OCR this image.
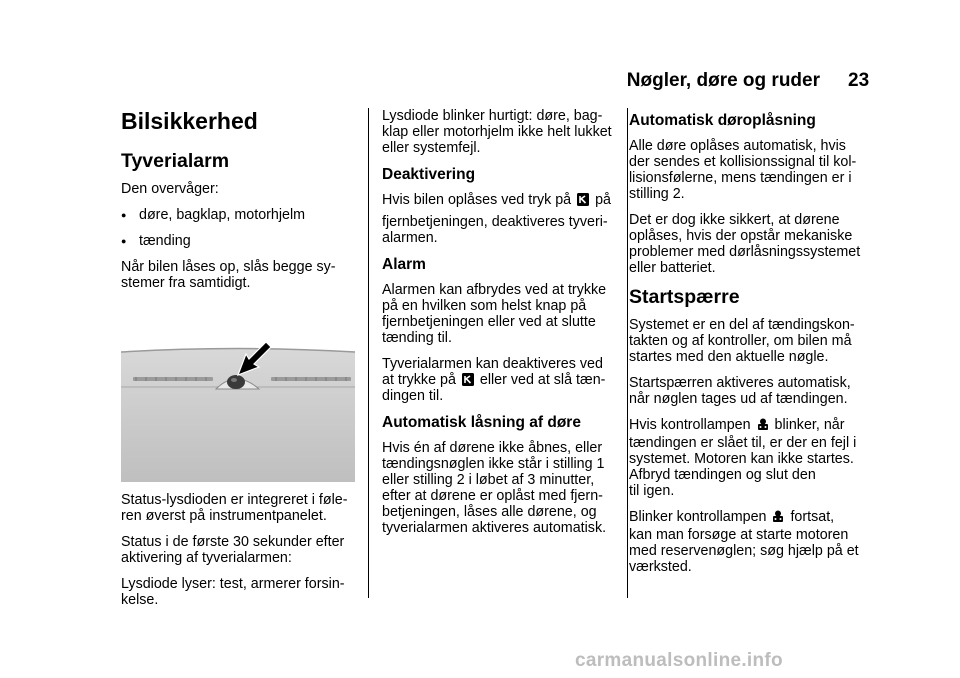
Nøgler, døre og ruder 23
Bilsikkerhed
Tyverialarm

Den overvåger:

● døre, bagklap, motorhjelm
● tænding

Når bilen låses op, slås begge sy-
stemer fra samtidigt.

Status-lysdioden er integreret i føle-
ren øverst på instrumentpanelet.

Status i de første 30 sekunder efter
aktivering af tyverialarmen:

Lysdiode lyser: test, armerer forsin-
kelse.

Lysdiode blinker hurtigt: døre, bag-
klap eller motorhjelm ikke helt lukket
eller systemfejl.

Deaktivering

Hvis bilen oplåses ved tryk på på

fjernbetjeningen, deaktiveres tyveri-
alarmen.

Alarm

Alarmen kan afbrydes ved at trykke
på en hvilken som helst knap på
fjernbetjeningen eller ved at slutte
tænding til.

Tyverialarmen kan deaktiveres ved
at trykke på eller ved at slå tæn-
dingen til.

Automatisk låsning af døre

Hvis én af dørene ikke åbnes, eller
tændingsnøglen ikke står i stilling 1
eller stilling 2 i løbet af 3 minutter,
efter at dørene er oplåst med fjern-
betjeningen, låses alle dørene, og
tyverialarmen aktiveres automatisk.

Automatisk døroplåsning

Alle døre oplåses automatisk, hvis
der sendes et kollisionssignal til kol-
lisionsfølerne, mens tændingen er i
stilling 2.

Det er dog ikke sikkert, at dørene
oplåses, hvis der opstår mekaniske
problemer med dørlåsningssystemet
eller batteriet.

Startspærre

Systemet er en del af tændingskon-
takten og af kontroller, om bilen må
startes med den aktuelle nøgle.

Startspærren aktiveres automatisk,
når nøglen tages ud af tændingen.

Hvis kontrollampen blinker, når

tændingen er slået til, er der en fejl i
systemet. Motoren kan ikke startes.
Afbryd tændingen og slut den
til igen.

Blinker kontrollampen fortsat,

kan man forsøge at starte motoren
med reservenøglen; søg hjælp på et
værksted.

carmanualsonline.info
